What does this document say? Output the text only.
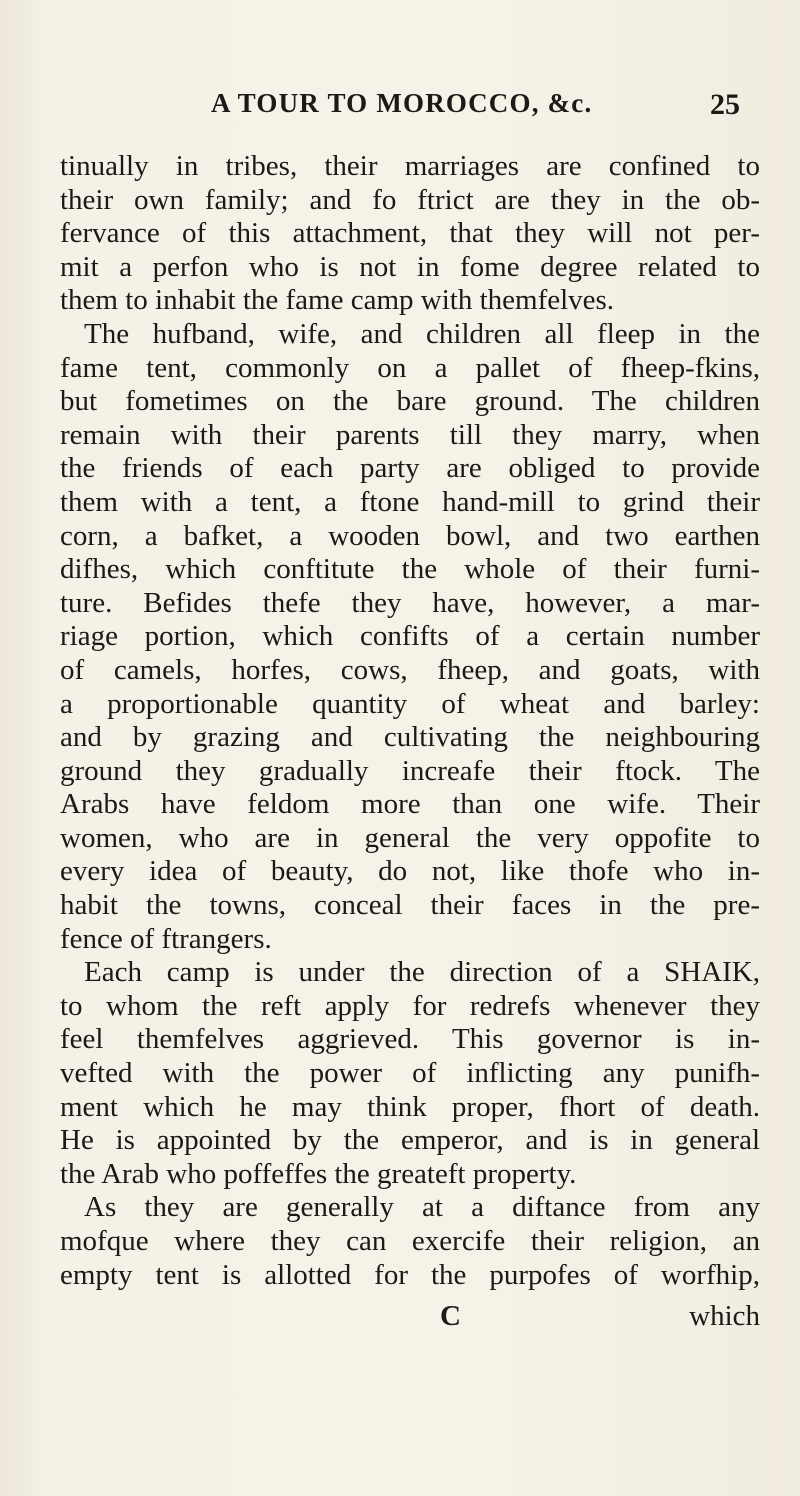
A TOUR TO MOROCCO, &c.	25
tinually in tribes, their marriages are confined to
their own family; and fo ftrict are they in the ob-
fervance of this attachment, that they will not per-
mit a perfon who is not in fome degree related to
them to inhabit the fame camp with themfelves.
The hufband, wife, and children all fleep in the
fame tent, commonly on a pallet of fheep-fkins,
but fometimes on the bare ground. The children
remain with their parents till they marry, when
the friends of each party are obliged to provide
them with a tent, a ftone hand-mill to grind their
corn, a bafket, a wooden bowl, and two earthen
difhes, which conftitute the whole of their furni-
ture. Befides thefe they have, however, a mar-
riage portion, which confifts of a certain number
of camels, horfes, cows, fheep, and goats, with
a proportionable quantity of wheat and barley:
and by grazing and cultivating the neighbouring
ground they gradually increafe their ftock. The
Arabs have feldom more than one wife. Their
women, who are in general the very oppofite to
every idea of beauty, do not, like thofe who in-
habit the towns, conceal their faces in the pre-
fence of ftrangers.
Each camp is under the direction of a SHAIK,
to whom the reft apply for redrefs whenever they
feel themfelves aggrieved. This governor is in-
vefted with the power of inflicting any punifh-
ment which he may think proper, fhort of death.
He is appointed by the emperor, and is in general
the Arab who poffeffes the greateft property.
As they are generally at a diftance from any
mofque where they can exercife their religion, an
empty tent is allotted for the purpofes of worfhip,
C	which
